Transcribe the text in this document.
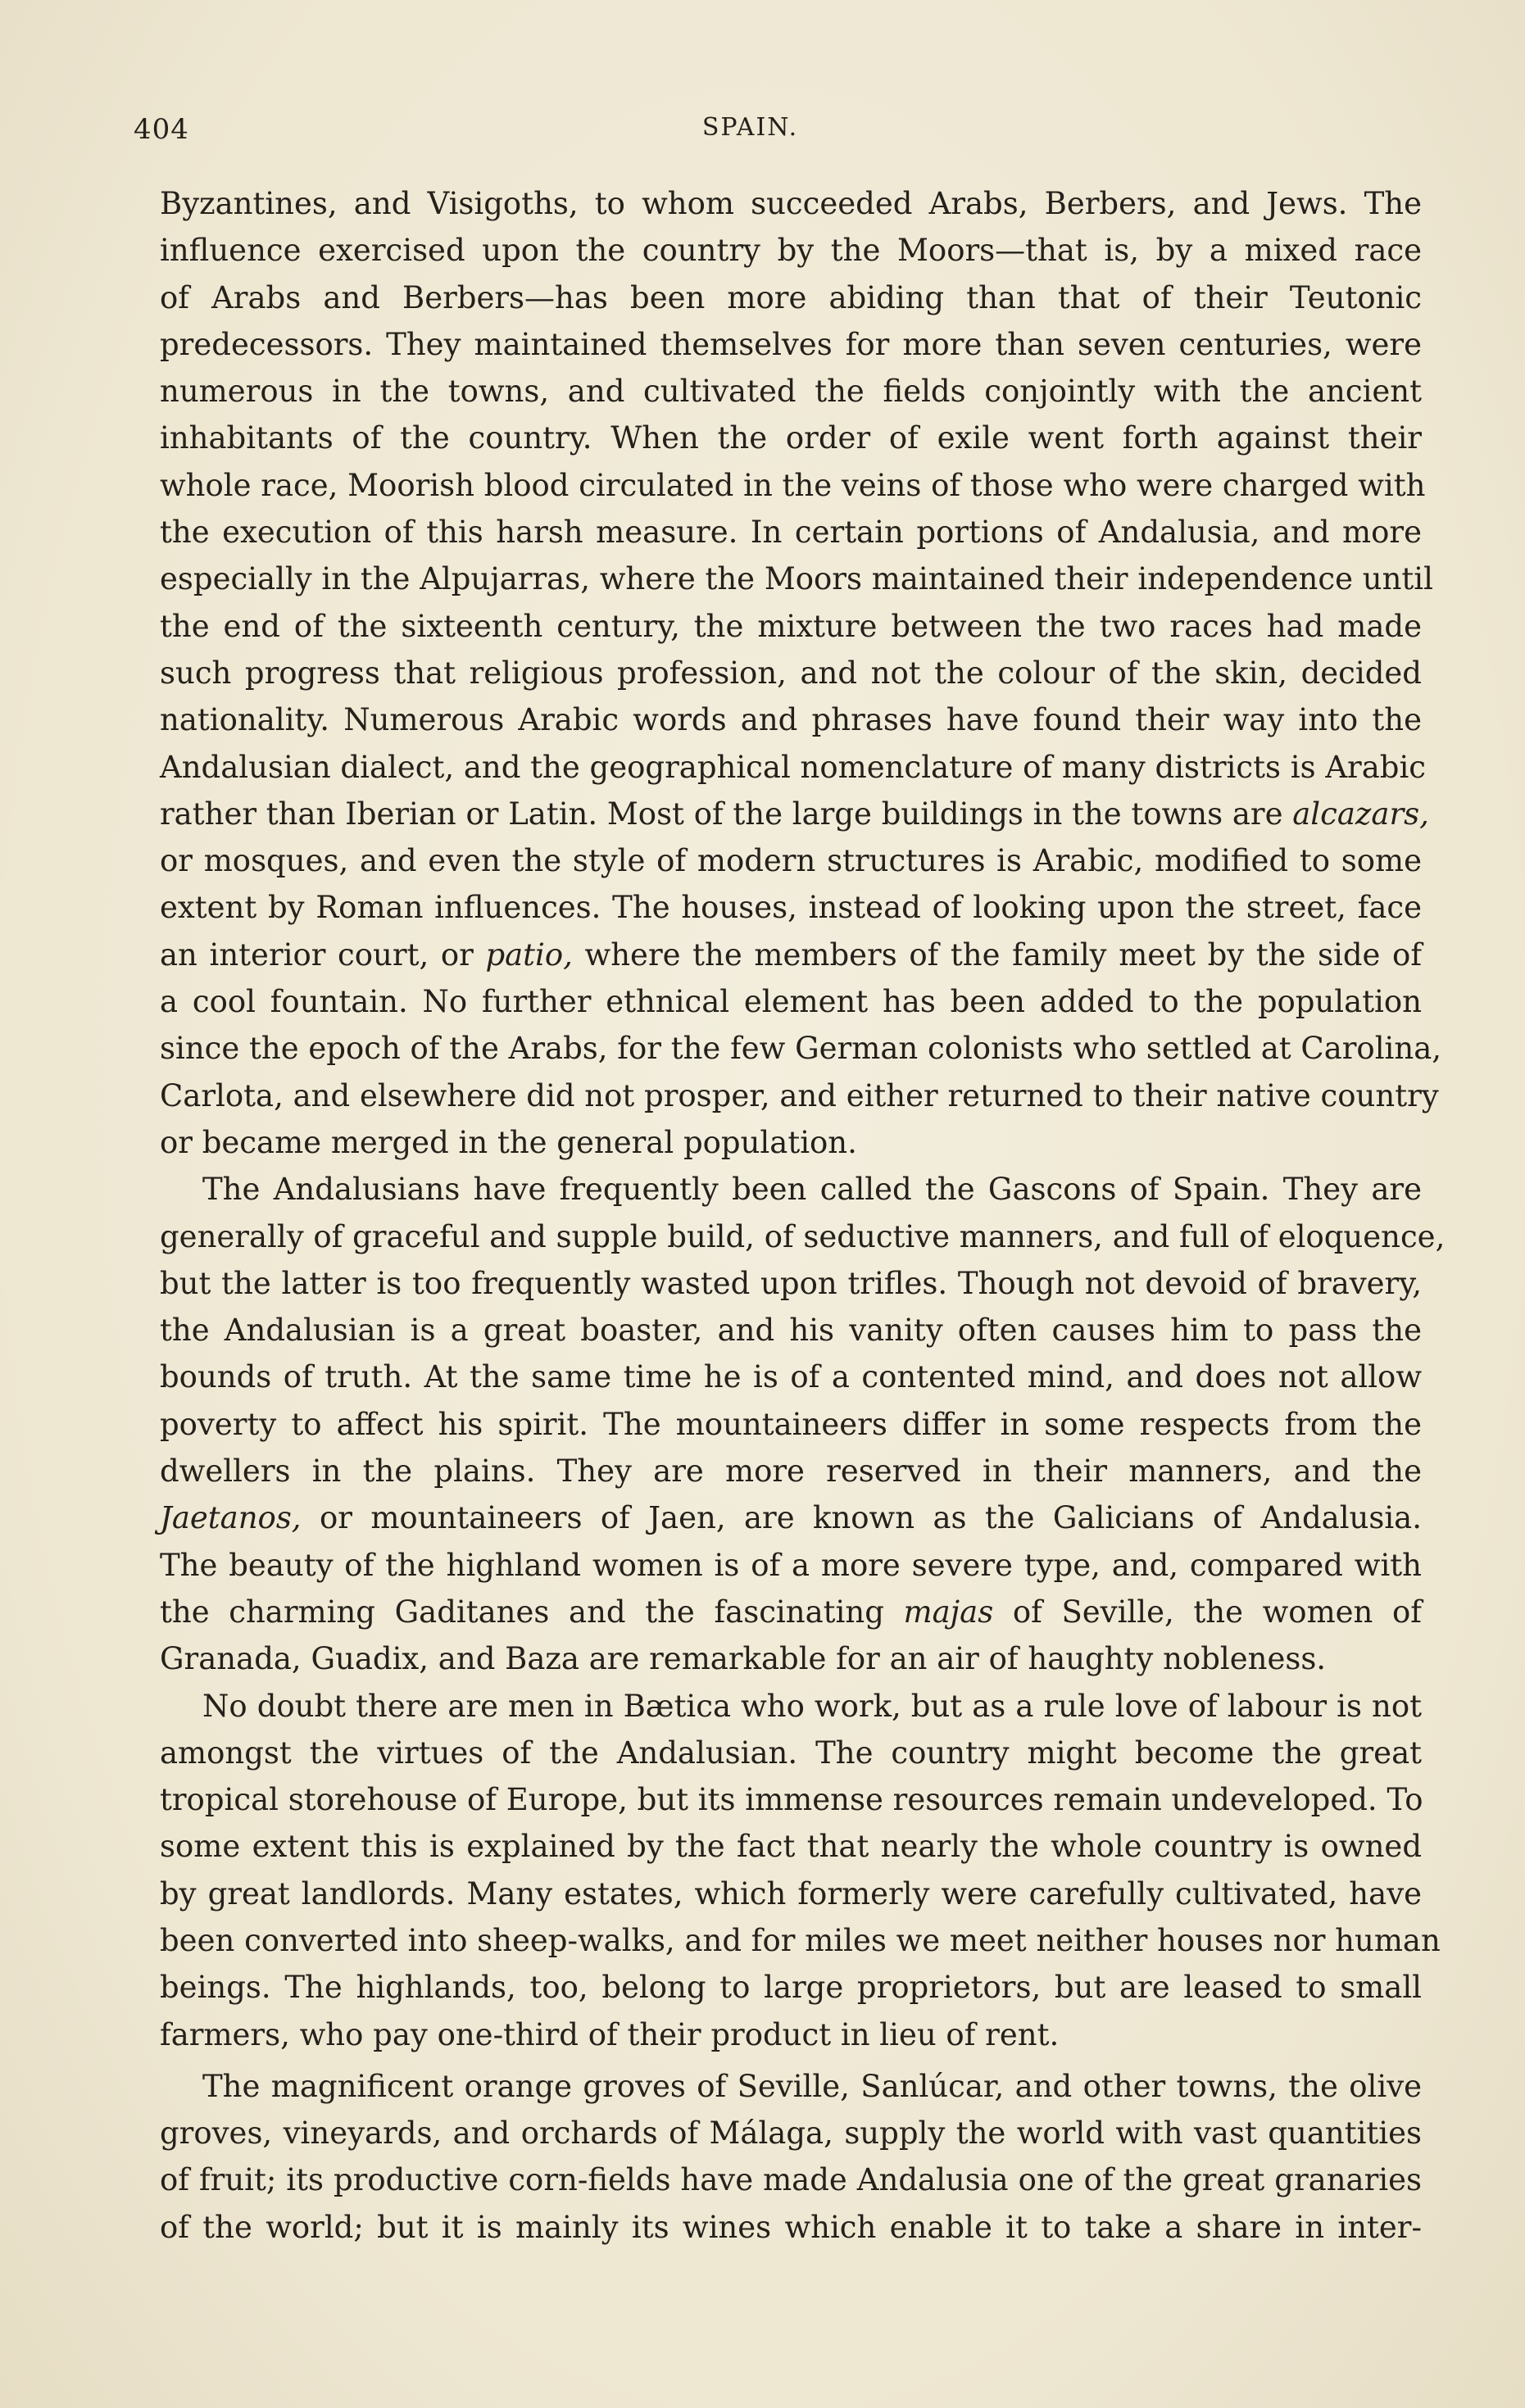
404	SPAIN.

Byzantines, and Visigoths, to whom succeeded Arabs, Berbers, and Jews. The
influence exercised upon the country by the Moors—that is, by a mixed race
of Arabs and Berbers—has been more abiding than that of their Teutonic
predecessors. They maintained themselves for more than seven centuries, were
numerous in the towns, and cultivated the fields conjointly with the ancient
inhabitants of the country. When the order of exile went forth against their
whole race, Moorish blood circulated in the veins of those who were charged with
the execution of this harsh measure. In certain portions of Andalusia, and more
especially in the Alpujarras, where the Moors maintained their independence until
the end of the sixteenth century, the mixture between the two races had made
such progress that religious profession, and not the colour of the skin, decided
nationality. Numerous Arabic words and phrases have found their way into the
Andalusian dialect, and the geographical nomenclature of many districts is Arabic
rather than Iberian or Latin. Most of the large buildings in the towns are alcazars,
or mosques, and even the style of modern structures is Arabic, modified to some
extent by Roman influences. The houses, instead of looking upon the street, face
an interior court, or patio, where the members of the family meet by the side of
a cool fountain. No further ethnical element has been added to the population
since the epoch of the Arabs, for the few German colonists who settled at Carolina,
Carlota, and elsewhere did not prosper, and either returned to their native country
or became merged in the general population.

The Andalusians have frequently been called the Gascons of Spain. They are
generally of graceful and supple build, of seductive manners, and full of eloquence,
but the latter is too frequently wasted upon trifles. Though not devoid of bravery,
the Andalusian is a great boaster, and his vanity often causes him to pass the
bounds of truth. At the same time he is of a contented mind, and does not allow
poverty to affect his spirit. The mountaineers differ in some respects from the
dwellers in the plains. They are more reserved in their manners, and the
Jaetanos, or mountaineers of Jaen, are known as the Galicians of Andalusia.
The beauty of the highland women is of a more severe type, and, compared with
the charming Gaditanes and the fascinating majas of Seville, the women of
Granada, Guadix, and Baza are remarkable for an air of haughty nobleness.

No doubt there are men in Bætica who work, but as a rule love of labour is not
amongst the virtues of the Andalusian. The country might become the great
tropical storehouse of Europe, but its immense resources remain undeveloped. To
some extent this is explained by the fact that nearly the whole country is owned
by great landlords. Many estates, which formerly were carefully cultivated, have
been converted into sheep-walks, and for miles we meet neither houses nor human
beings. The highlands, too, belong to large proprietors, but are leased to small
farmers, who pay one-third of their product in lieu of rent.

The magnificent orange groves of Seville, Sanlúcar, and other towns, the olive
groves, vineyards, and orchards of Málaga, supply the world with vast quantities
of fruit; its productive corn-fields have made Andalusia one of the great granaries
of the world; but it is mainly its wines which enable it to take a share in inter-
